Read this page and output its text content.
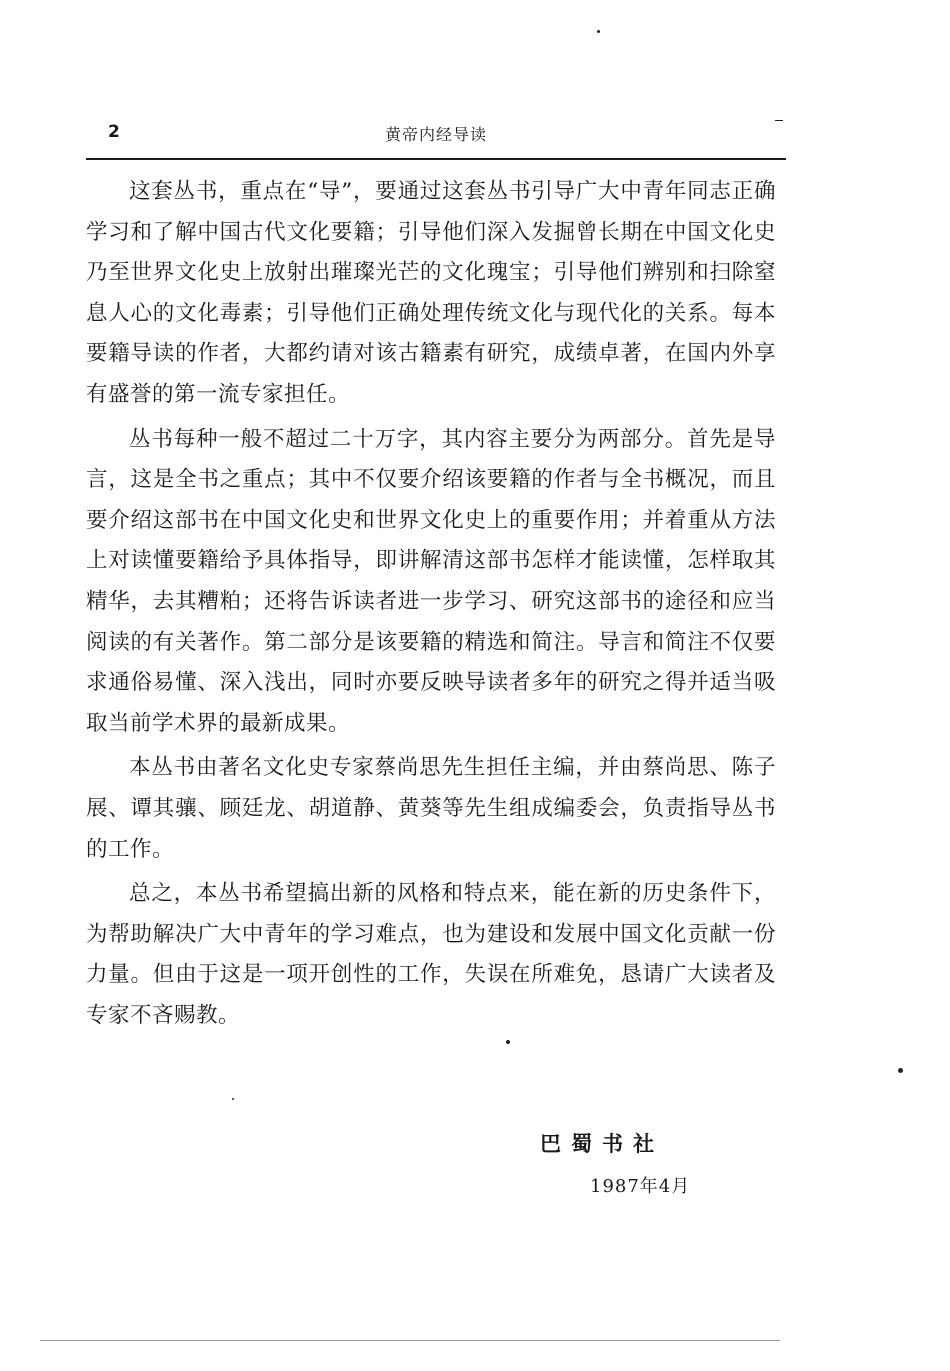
2	黄帝内经导读

这套丛书，重点在“导”，要通过这套丛书引导广大中青年同志正确学习和了解中国古代文化要籍；引导他们深入发掘曾长期在中国文化史乃至世界文化史上放射出璀璨光芒的文化瑰宝；引导他们辨别和扫除窒息人心的文化毒素；引导他们正确处理传统文化与现代化的关系。每本要籍导读的作者，大都约请对该古籍素有研究，成绩卓著，在国内外享有盛誉的第一流专家担任。

丛书每种一般不超过二十万字，其内容主要分为两部分。首先是导言，这是全书之重点；其中不仅要介绍该要籍的作者与全书概况，而且要介绍这部书在中国文化史和世界文化史上的重要作用；并着重从方法上对读懂要籍给予具体指导，即讲解清这部书怎样才能读懂，怎样取其精华，去其糟粕；还将告诉读者进一步学习、研究这部书的途径和应当阅读的有关著作。第二部分是该要籍的精选和简注。导言和简注不仅要求通俗易懂、深入浅出，同时亦要反映导读者多年的研究之得并适当吸取当前学术界的最新成果。

本丛书由著名文化史专家蔡尚思先生担任主编，并由蔡尚思、陈子展、谭其骧、顾廷龙、胡道静、黄葵等先生组成编委会，负责指导丛书的工作。

总之，本丛书希望搞出新的风格和特点来，能在新的历史条件下，为帮助解决广大中青年的学习难点，也为建设和发展中国文化贡献一份力量。但由于这是一项开创性的工作，失误在所难免，恳请广大读者及专家不吝赐教。

巴蜀书社
1987年4月
